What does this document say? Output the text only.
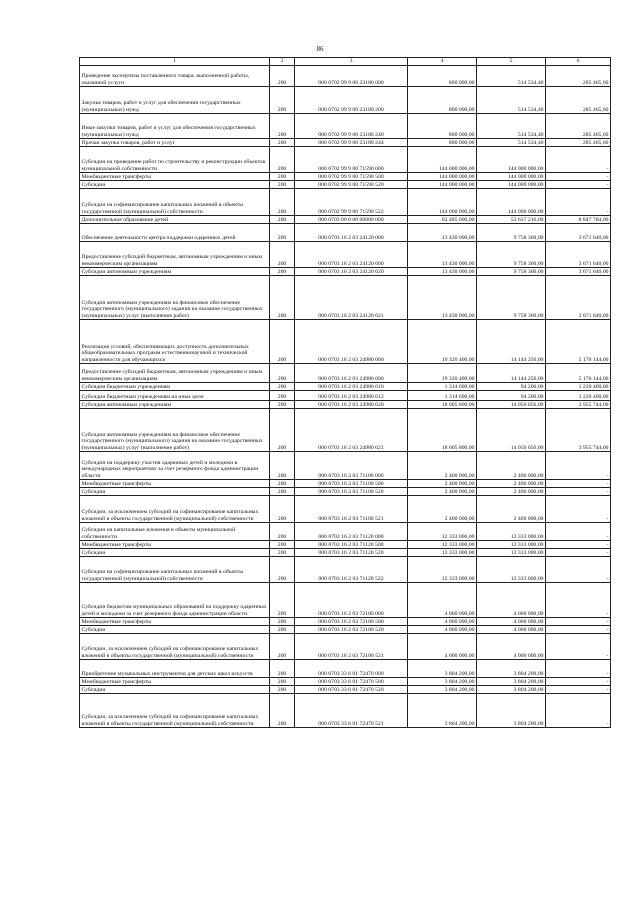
86
1	2	3	4	5	6
Проведение экспертизы поставленного товара, выполненной работы, оказанной услуги	200	000 0702 99 9 00 23180 000	800 000,00	514 534,40	285 465,60
Закупка товаров, работ и услуг для обеспечения государственных (муниципальных) нужд	200	000 0702 99 9 00 23180 200	800 000,00	514 534,40	285 465,60
Иные закупки товаров, работ и услуг для обеспечения государственных (муниципальных) нужд	200	000 0702 99 9 00 23180 240	800 000,00	514 534,40	285 465,60
Прочая закупка товаров, работ и услуг	200	000 0702 99 9 00 23180 244	800 000,00	514 534,40	285 465,60
Субсидии на проведение работ по строительству и реконструкции объектов муниципальной собственности	200	000 0702 99 9 00 71590 000	144 000 000,00	144 000 000,00	-
Межбюджетные трансферты	200	000 0702 99 9 00 71590 500	144 000 000,00	144 000 000,00	-
Субсидии	200	000 0702 99 9 00 71590 520	144 000 000,00	144 000 000,00	-
Субсидии на софинансирование капитальных вложений в объекты государственной (муниципальной) собственности	200	000 0702 99 9 00 71590 522	144 000 000,00	144 000 000,00	-
Дополнительное образование детей	200	000 0703 00 0 00 00000 000	62 485 000,00	53 637 216,00	8 847 784,00
Обеспечение деятельности центра поддержки одаренных детей	200	000 0703 16 2 03 24120 000	13 430 000,00	9 758 360,00	3 671 640,00
Предоставление субсидий бюджетным, автономным учреждениям и иным некоммерческим организациям	200	000 0703 16 2 03 24120 600	13 430 000,00	9 758 360,00	3 671 640,00
Субсидии автономным учреждениям	200	000 0703 16 2 03 24120 620	13 430 000,00	9 758 360,00	3 671 640,00
Субсидии автономным учреждениям на финансовое обеспечение государственного (муниципального) задания на оказание государственных (муниципальных) услуг (выполнение работ)	200	000 0703 16 2 03 24120 621	13 430 000,00	9 758 360,00	3 671 640,00
Реализация условий, обеспечивающих доступность дополнительных общеобразовательных программ естественнонаучной и технической направленности для обучающихся	200	000 0703 16 2 03 24980 000	19 320 400,00	14 144 256,00	5 176 144,00
Предоставление субсидий бюджетным, автономным учреждениям и иным некоммерческим организациям	200	000 0703 16 2 03 24980 600	19 320 400,00	14 144 256,00	5 176 144,00
Субсидии бюджетным учреждениям	200	000 0703 16 2 03 24980 610	1 314 600,00	94 200,00	1 220 400,00
Субсидии бюджетным учреждениям на иные цели	200	000 0703 16 2 03 24980 612	1 314 600,00	94 200,00	1 220 400,00
Субсидии автономным учреждениям	200	000 0703 16 2 03 24980 620	18 005 800,00	14 050 056,00	3 955 744,00
Субсидии автономным учреждениям на финансовое обеспечение государственного (муниципального) задания на оказание государственных (муниципальных) услуг (выполнение работ)	200	000 0703 16 2 03 24980 621	18 005 800,00	14 050 056,00	3 955 744,00
Субсидии на поддержку участия одаренных детей и молодежи в международных мероприятиях за счет резервного фонда администрации области	200	000 0703 16 2 03 71100 000	2 400 000,00	2 400 000,00	-
Межбюджетные трансферты	200	000 0703 16 2 03 71100 500	2 400 000,00	2 400 000,00	-
Субсидии	200	000 0703 16 2 03 71100 520	2 400 000,00	2 400 000,00	-
Субсидии, за исключением субсидий на софинансирование капитальных вложений в объекты государственной (муниципальной) собственности	200	000 0703 16 2 03 71100 521	2 400 000,00	2 400 000,00	-
Субсидии на капитальные вложения в объекты муниципальной собственности	200	000 0703 16 2 03 71120 000	12 333 000,00	12 333 000,00	-
Межбюджетные трансферты	200	000 0703 16 2 03 71120 500	12 333 000,00	12 333 000,00	-
Субсидии	200	000 0703 16 2 03 71120 520	12 333 000,00	12 333 000,00	-
Субсидии на софинансирование капитальных вложений в объекты государственной (муниципальной) собственности	200	000 0703 16 2 03 71120 522	12 333 000,00	12 333 000,00	-
Субсидии бюджетам муниципальных образований на поддержку одаренных детей и молодежи за счет резервного фонда администрации области	200	000 0703 16 2 03 72100 000	4 000 000,00	4 000 000,00	-
Межбюджетные трансферты	200	000 0703 16 2 03 72100 500	4 000 000,00	4 000 000,00	-
Субсидии	200	000 0703 16 2 03 72100 520	4 000 000,00	4 000 000,00	-
Субсидии, за исключением субсидий на софинансирование капитальных вложений в объекты государственной (муниципальной) собственности	200	000 0703 16 2 03 72100 521	4 000 000,00	4 000 000,00	-
Приобретение музыкальных инструментов для детских школ искусств	200	000 0703 33 6 01 72470 000	3 804 200,00	3 804 200,00	-
Межбюджетные трансферты	200	000 0703 33 6 01 72470 500	3 804 200,00	3 804 200,00	-
Субсидии	200	000 0703 33 6 01 72470 520	3 804 200,00	3 804 200,00	-
Субсидии, за исключением субсидий на софинансирование капитальных вложений в объекты государственной (муниципальной) собственности	200	000 0703 33 6 01 72470 521	3 804 200,00	3 804 200,00	-
